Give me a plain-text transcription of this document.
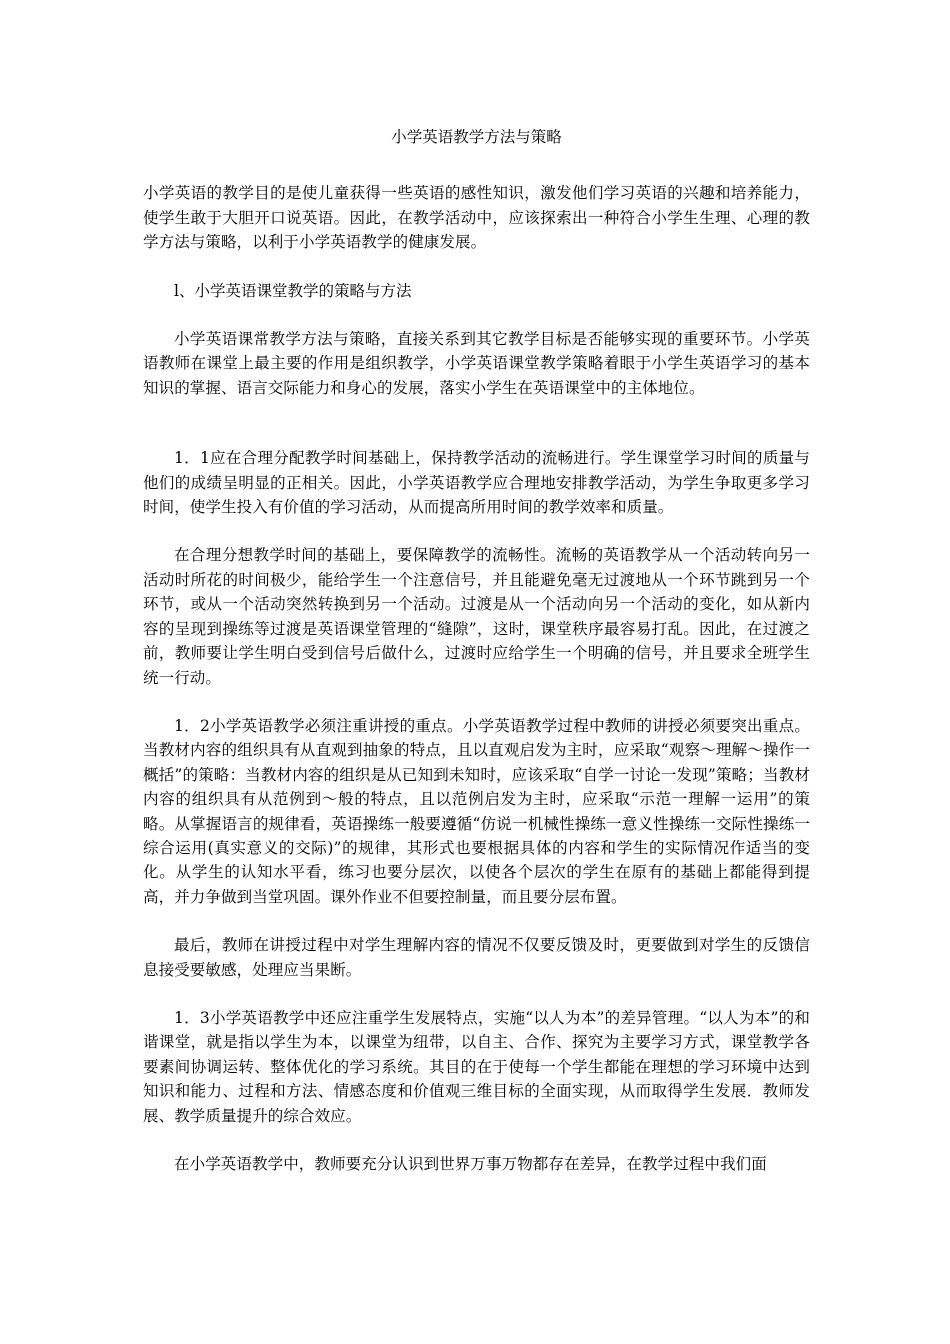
小学英语教学方法与策略

小学英语的教学目的是使儿童获得一些英语的感性知识，激发他们学习英语的兴趣和培养能力，使学生敢于大胆开口说英语。因此，在教学活动中，应该探索出一种符合小学生生理、心理的教学方法与策略，以利于小学英语教学的健康发展。

l、小学英语课堂教学的策略与方法

小学英语课常教学方法与策略，直接关系到其它教学目标是否能够实现的重要环节。小学英语教师在课堂上最主要的作用是组织教学，小学英语课堂教学策略着眼于小学生英语学习的基本知识的掌握、语言交际能力和身心的发展，落实小学生在英语课堂中的主体地位。

1．1应在合理分配教学时间基础上，保持教学活动的流畅进行。学生课堂学习时间的质量与他们的成绩呈明显的正相关。因此，小学英语教学应合理地安排教学活动，为学生争取更多学习时间，使学生投入有价值的学习活动，从而提高所用时间的教学效率和质量。

在合理分想教学时间的基础上，要保障教学的流畅性。流畅的英语教学从一个活动转向另一活动时所花的时间极少，能给学生一个注意信号，并且能避免毫无过渡地从一个环节跳到另一个环节，或从一个活动突然转换到另一个活动。过渡是从一个活动向另一个活动的变化，如从新内容的呈现到操练等过渡是英语课堂管理的“缝隙”，这时，课堂秩序最容易打乱。因此，在过渡之前，教师要让学生明白受到信号后做什么，过渡时应给学生一个明确的信号，并且要求全班学生统一行动。

1．2小学英语教学必须注重讲授的重点。小学英语教学过程中教师的讲授必须要突出重点。当教材内容的组织具有从直观到抽象的特点，且以直观启发为主时，应采取“观察～理解～操作一概括”的策略：当教材内容的组织是从已知到未知时，应该采取“自学一讨论一发现”策略；当教材内容的组织具有从范例到～般的特点，且以范例启发为主时，应采取“示范一理解一运用”的策略。从掌握语言的规律看，英语操练一般要遵循“仿说一机械性操练一意义性操练一交际性操练一综合运用(真实意义的交际)”的规律，其形式也要根据具体的内容和学生的实际情况作适当的变化。从学生的认知水平看，练习也要分层次，以使各个层次的学生在原有的基础上都能得到提高，并力争做到当堂巩固。课外作业不但要控制量，而且要分层布置。

最后，教师在讲授过程中对学生理解内容的情况不仅要反馈及时，更要做到对学生的反馈信息接受要敏感，处理应当果断。

1．3小学英语教学中还应注重学生发展特点，实施“以人为本”的差异管理。“以人为本”的和谐课堂，就是指以学生为本，以课堂为纽带，以自主、合作、探究为主要学习方式，课堂教学各要素间协调运转、整体优化的学习系统。其目的在于使每一个学生都能在理想的学习环境中达到知识和能力、过程和方法、情感态度和价值观三维目标的全面实现，从而取得学生发展．教师发展、教学质量提升的综合效应。

在小学英语教学中，教师要充分认识到世界万事万物都存在差异，在教学过程中我们面
